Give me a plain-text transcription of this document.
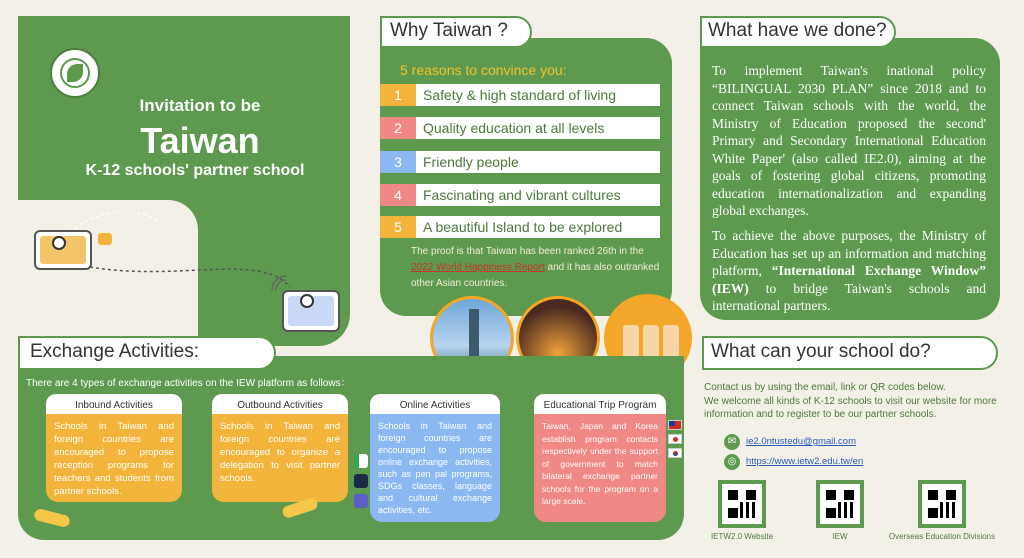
Invitation to be
Taiwan
K-12 schools' partner school
Why Taiwan ?
5 reasons to convince you:
1	Safety & high standard of living
2	Quality education at all levels
3	Friendly people
4	Fascinating and vibrant cultures
5	A beautiful Island to be explored
The proof is that Taiwan has been ranked 26th in the 2022 World Happiness Report and it has also outranked other Asian countries.
What have we done?
To implement Taiwan's inational policy “BILINGUAL 2030 PLAN” since 2018 and to connect Taiwan schools with the world, the Ministry of Education proposed the second' Primary and Secondary International Education White Paper' (also called IE2.0), aiming at the goals of fostering global citizens, promoting education internationalization and expanding global exchanges.
To achieve the above purposes, the Ministry of Education has set up an information and matching platform, “International Exchange Window” (IEW) to bridge Taiwan's schools and international partners.
Exchange Activities:
There are 4 types of exchange activities on the IEW platform as follows：
Inbound Activities
Schools in Taiwan and foreign countries are encouraged to propose reception programs for teachers and students from partner schools.
Outbound Activities
Schools in Taiwan and foreign countries are encouraged to organize a delegation to visit partner schools.
Online Activities
Schools in Taiwan and foreign countries are encouraged to propose online exchange activities, such as pen pal programs, SDGs classes, language and cultural exchange activities, etc.
Educational Trip Program
Taiwan, Japan and Korea establish program contacts respectively under the support of government to match bilateral exchange partner schools for the program on a large scale.
What can your school do?
Contact us by using the email, link or QR codes below.
We welcome all kinds of K-12 schools to visit our website for more information and to register to be our partner schools.
✉	ie2.0ntustedu@gmail.com
◎	https://www.ietw2.edu.tw/en
IETW2.0 Website	IEW	Overseas Education Divisions
